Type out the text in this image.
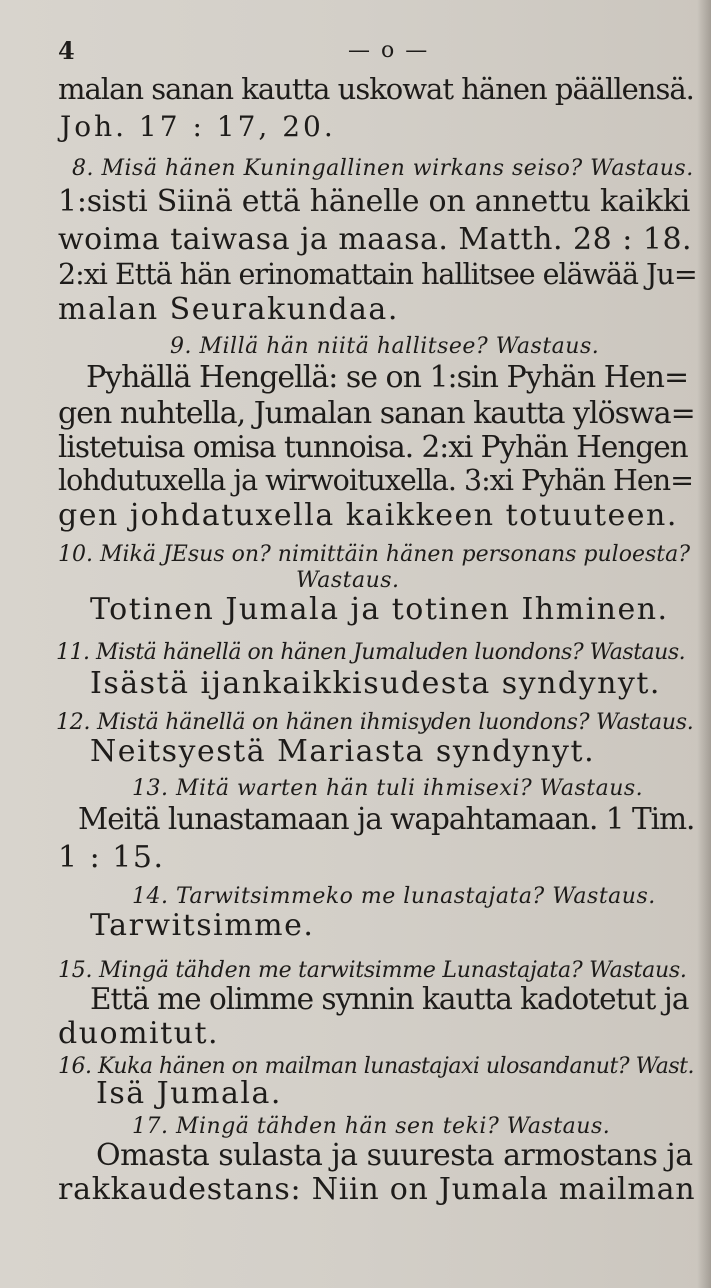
4	— o —
malan sanan kautta uskowat hänen päällensä.
Joh. 17 : 17, 20.
8. Misä hänen Kuningallinen wirkans seiso? Wastaus.
1:sisti Siinä että hänelle on annettu kaikki
woima taiwasa ja maasa. Matth. 28 : 18.
2:xi Että hän erinomattain hallitsee eläwää Ju=
malan Seurakundaa.
9. Millä hän niitä hallitsee? Wastaus.
Pyhällä Hengellä: se on 1:sin Pyhän Hen=
gen nuhtella, Jumalan sanan kautta ylöswa=
listetuisa omisa tunnoisa. 2:xi Pyhän Hengen
lohdutuxella ja wirwoituxella. 3:xi Pyhän Hen=
gen johdatuxella kaikkeen totuuteen.
10. Mikä JEsus on? nimittäin hänen personans puloesta?
Wastaus.
Totinen Jumala ja totinen Ihminen.
11. Mistä hänellä on hänen Jumaluden luondons? Wastaus.
Isästä ijankaikkisudesta syndynyt.
12. Mistä hänellä on hänen ihmisyden luondons? Wastaus.
Neitsyestä Mariasta syndynyt.
13. Mitä warten hän tuli ihmisexi? Wastaus.
Meitä lunastamaan ja wapahtamaan. 1 Tim.
1 : 15.
14. Tarwitsimmeko me lunastajata? Wastaus.
Tarwitsimme.
15. Mingä tähden me tarwitsimme Lunastajata? Wastaus.
Että me olimme synnin kautta kadotetut ja
duomitut.
16. Kuka hänen on mailman lunastajaxi ulosandanut? Wast.
Isä Jumala.
17. Mingä tähden hän sen teki? Wastaus.
Omasta sulasta ja suuresta armostans ja
rakkaudestans: Niin on Jumala mailman
